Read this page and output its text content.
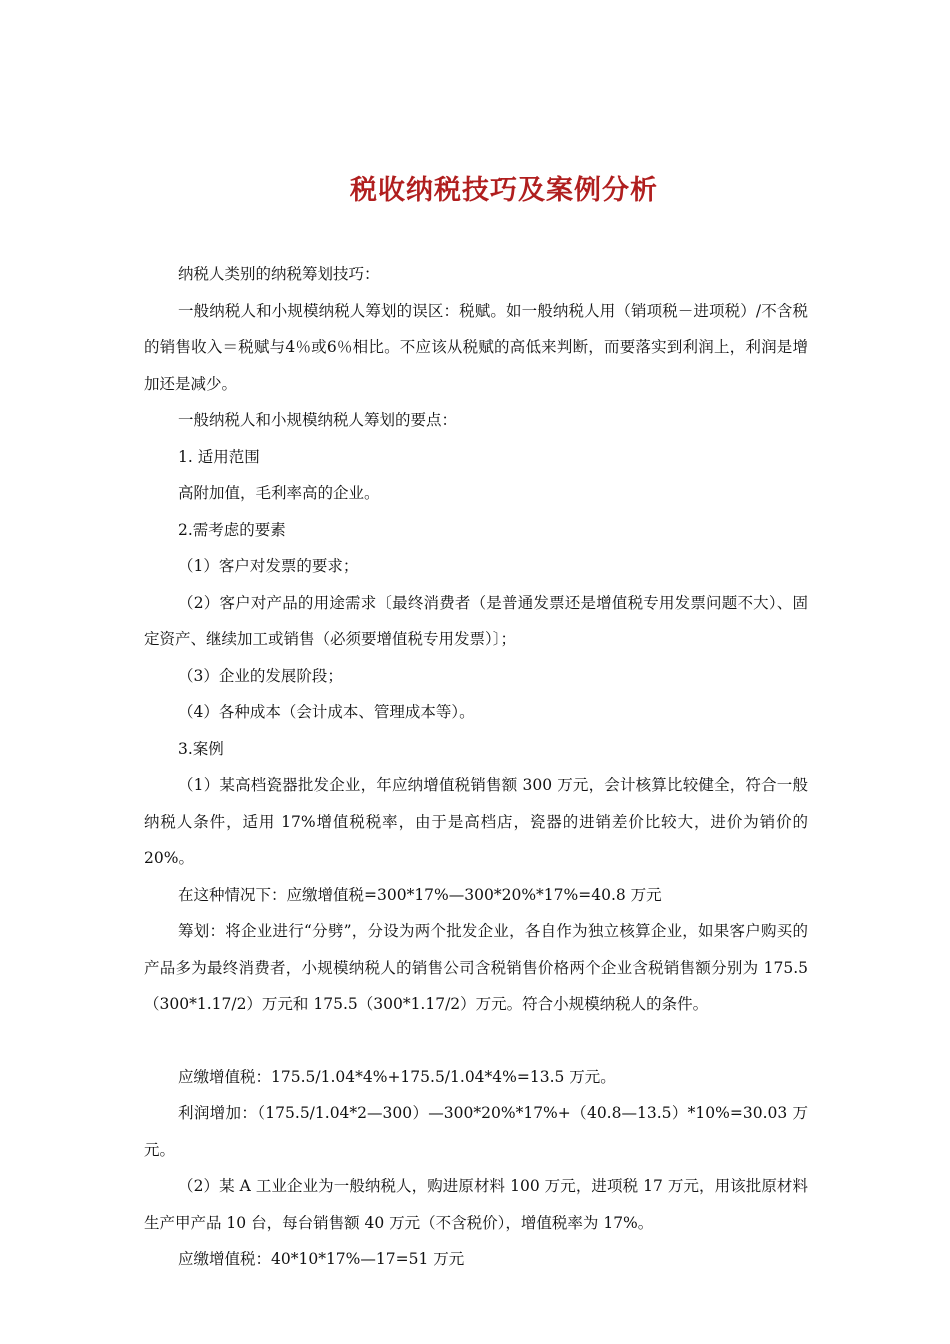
税收纳税技巧及案例分析

纳税人类别的纳税筹划技巧：

一般纳税人和小规模纳税人筹划的误区：税赋。如一般纳税人用（销项税－进项税）/不含税的销售收入＝税赋与4％或6％相比。不应该从税赋的高低来判断，而要落实到利润上，利润是增加还是减少。

一般纳税人和小规模纳税人筹划的要点：

1. 适用范围

高附加值，毛利率高的企业。

2.需考虑的要素

（1）客户对发票的要求；

（2）客户对产品的用途需求〔最终消费者（是普通发票还是增值税专用发票问题不大）、固定资产、继续加工或销售（必须要增值税专用发票）〕；

（3）企业的发展阶段；

（4）各种成本（会计成本、管理成本等）。

3.案例

（1）某高档瓷器批发企业，年应纳增值税销售额 300 万元，会计核算比较健全，符合一般纳税人条件，适用 17%增值税税率，由于是高档店，瓷器的进销差价比较大，进价为销价的 20%。

在这种情况下：应缴增值税=300*17%—300*20%*17%=40.8 万元

筹划：将企业进行“分劈”，分设为两个批发企业，各自作为独立核算企业，如果客户购买的产品多为最终消费者，小规模纳税人的销售公司含税销售价格两个企业含税销售额分别为 175.5（300*1.17/2）万元和 175.5（300*1.17/2）万元。符合小规模纳税人的条件。

应缴增值税：175.5/1.04*4%+175.5/1.04*4%=13.5 万元。

利润增加：（175.5/1.04*2—300）—300*20%*17%+（40.8—13.5）*10%=30.03 万元。

（2）某 A 工业企业为一般纳税人，购进原材料 100 万元，进项税 17 万元，用该批原材料生产甲产品 10 台，每台销售额 40 万元（不含税价），增值税率为 17%。

应缴增值税：40*10*17%—17=51 万元
